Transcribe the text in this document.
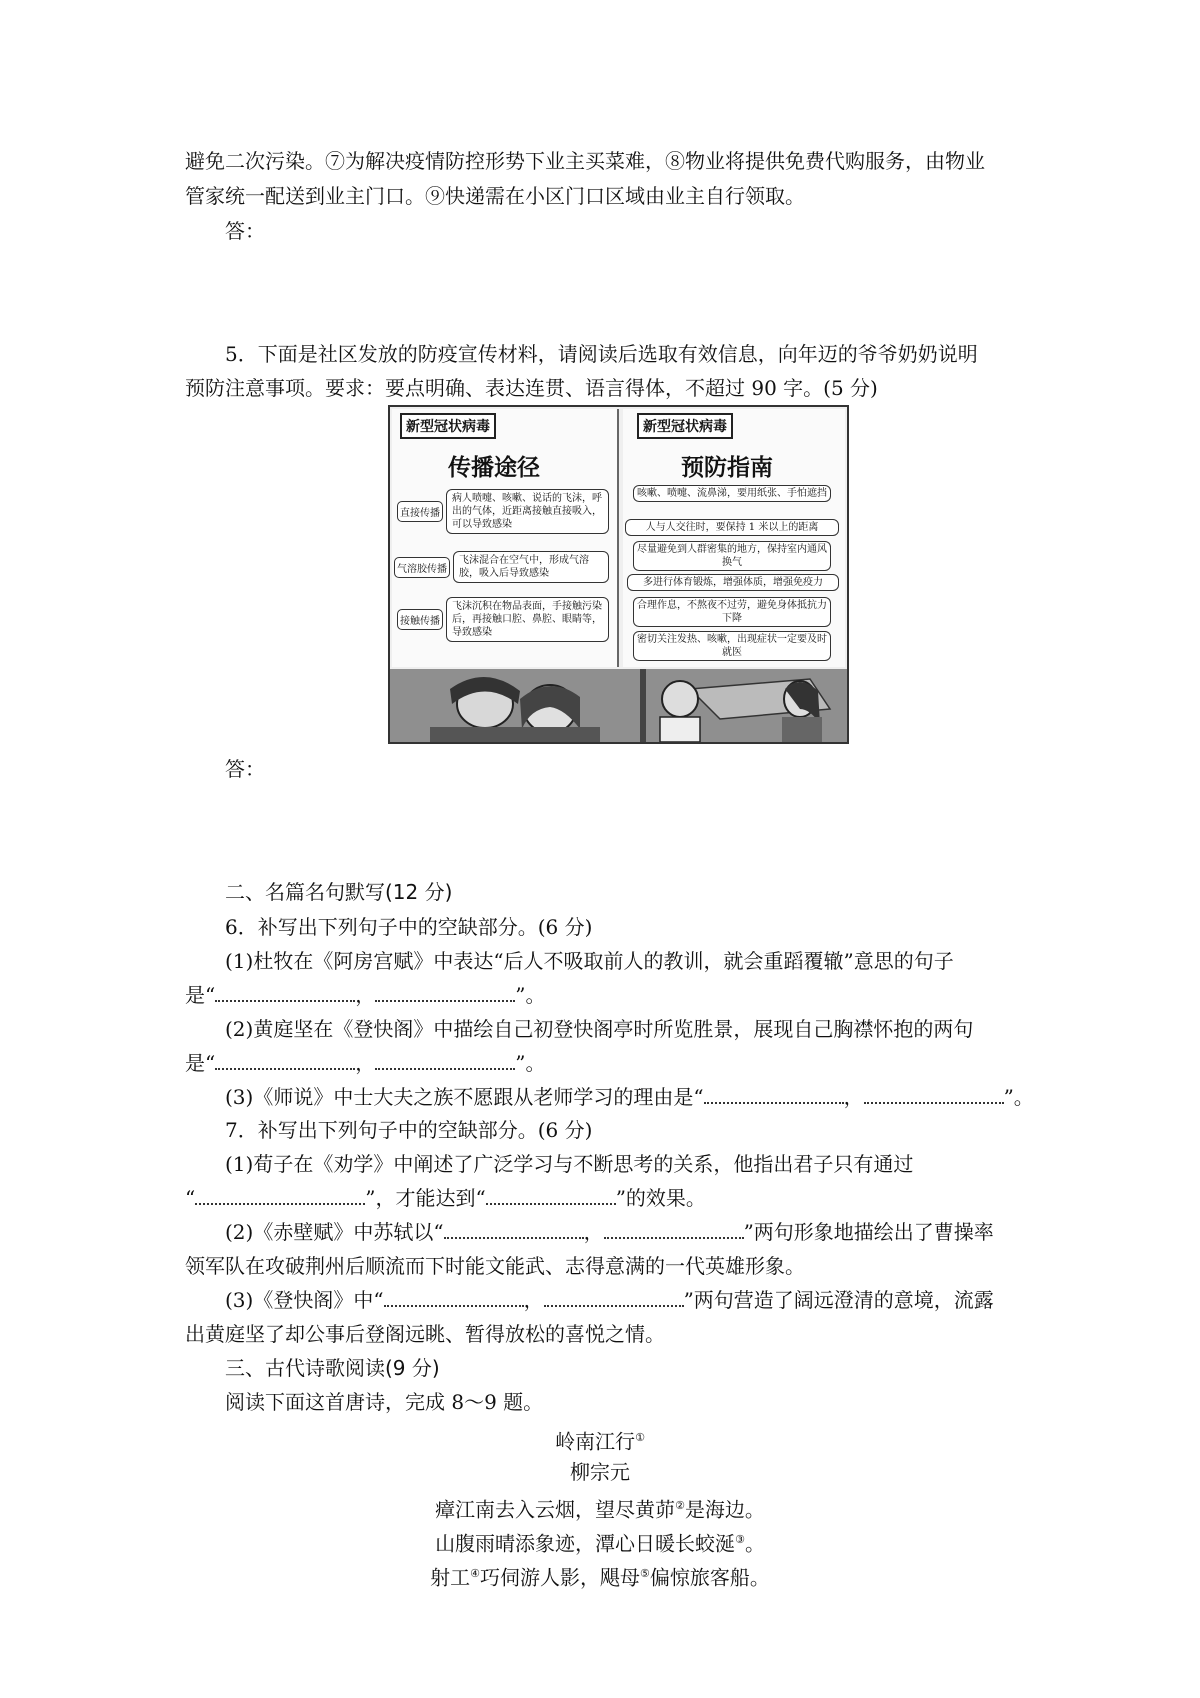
避免二次污染。⑦为解决疫情防控形势下业主买菜难，⑧物业将提供免费代购服务，由物业
管家统一配送到业主门口。⑨快递需在小区门口区域由业主自行领取。
答：
5．下面是社区发放的防疫宣传材料，请阅读后选取有效信息，向年迈的爷爷奶奶说明
预防注意事项。要求：要点明确、表达连贯、语言得体，不超过 90 字。(5 分)
新型冠状病毒
传播途径
直接传播
病人喷嚏、咳嗽、说话的飞沫，呼出的气体，近距离接触直接吸入，可以导致感染
气溶胶传播
飞沫混合在空气中，形成气溶胶，吸入后导致感染
接触传播
飞沫沉积在物品表面，手接触污染后，再接触口腔、鼻腔、眼睛等，导致感染
新型冠状病毒
预防指南
咳嗽、喷嚏、流鼻涕，要用纸张、手怕遮挡
人与人交往时，要保持 1 米以上的距离
尽量避免到人群密集的地方，保持室内通风换气
多进行体育锻炼，增强体质，增强免疫力
合理作息，不熬夜不过劳，避免身体抵抗力下降
密切关注发热、咳嗽，出现症状一定要及时就医
答：
二、名篇名句默写(12 分)
6．补写出下列句子中的空缺部分。(6 分)
(1)杜牧在《阿房宫赋》中表达“后人不吸取前人的教训，就会重蹈覆辙”意思的句子
是“	，	”。
(2)黄庭坚在《登快阁》中描绘自己初登快阁亭时所览胜景，展现自己胸襟怀抱的两句
是“	，	”。
(3)《师说》中士大夫之族不愿跟从老师学习的理由是“	，	”。
7．补写出下列句子中的空缺部分。(6 分)
(1)荀子在《劝学》中阐述了广泛学习与不断思考的关系，他指出君子只有通过
“	”，才能达到“	”的效果。
(2)《赤壁赋》中苏轼以“	，	”两句形象地描绘出了曹操率
领军队在攻破荆州后顺流而下时能文能武、志得意满的一代英雄形象。
(3)《登快阁》中“	，	”两句营造了阔远澄清的意境，流露
出黄庭坚了却公事后登阁远眺、暂得放松的喜悦之情。
三、古代诗歌阅读(9 分)
阅读下面这首唐诗，完成 8～9 题。
岭南江行①
柳宗元
瘴江南去入云烟，望尽黄茆②是海边。
山腹雨晴添象迹，潭心日暖长蛟涎③。
射工④巧伺游人影，飓母⑤偏惊旅客船。
